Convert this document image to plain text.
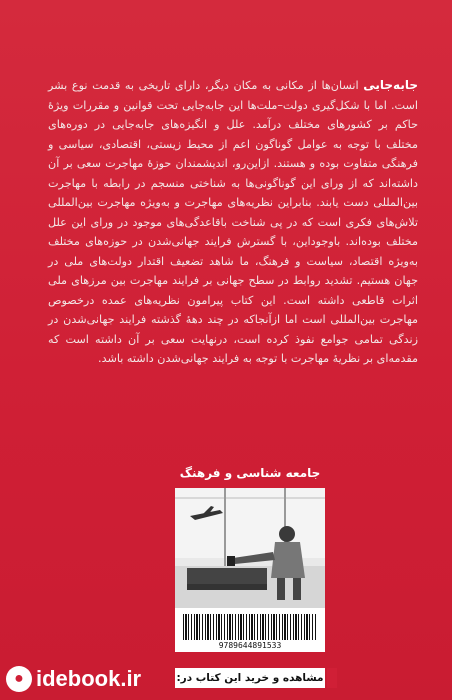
جابه‌جایی انسان‌ها از مکانی به مکان دیگر، دارای تاریخی به قدمت نوع بشر است. اما با شکل‌گیری دولت–ملت‌ها این جابه‌جایی تحت قوانین و مقررات ویژهٔ حاکم بر کشورهای مختلف درآمد. علل و انگیزه‌های جابه‌جایی در دوره‌های مختلف با توجه به عوامل گوناگون اعم از محیط زیستی، اقتصادی، سیاسی و فرهنگی متفاوت بوده و هستند. ازاین‌رو، اندیشمندان حوزهٔ مهاجرت سعی بر آن داشته‌اند که از ورای این گوناگونی‌ها به شناختی منسجم در رابطه با مهاجرت بین‌المللی دست یابند. بنابراین نظریه‌های مهاجرت و به‌ویژه مهاجرت بین‌المللی تلاش‌های فکری است که در پی شناخت باقاعدگی‌های موجود در ورای این علل مختلف بوده‌اند. باوجوداین، با گسترش فرایند جهانی‌شدن در حوزه‌های مختلف به‌ویژه اقتصاد، سیاست و فرهنگ، ما شاهد تضعیف اقتدار دولت‌های ملی در جهان هستیم. تشدید روابط در سطح جهانی بر فرایند مهاجرت بین مرزهای ملی اثرات قاطعی داشته است. این کتاب پیرامون نظریه‌های عمده درخصوص مهاجرت بین‌المللی است اما ازآنجاکه در چند دههٔ گذشته فرایند جهانی‌شدن در زندگی تمامی جوامع نفوذ کرده است، درنهایت سعی بر آن داشته است که مقدمه‌ای بر نظریهٔ مهاجرت با توجه به فرایند جهانی‌شدن داشته باشد.

جامعه شناسی و فرهنگ
9789644891533
● idebook.ir	مشاهده و خرید این کتاب در:
